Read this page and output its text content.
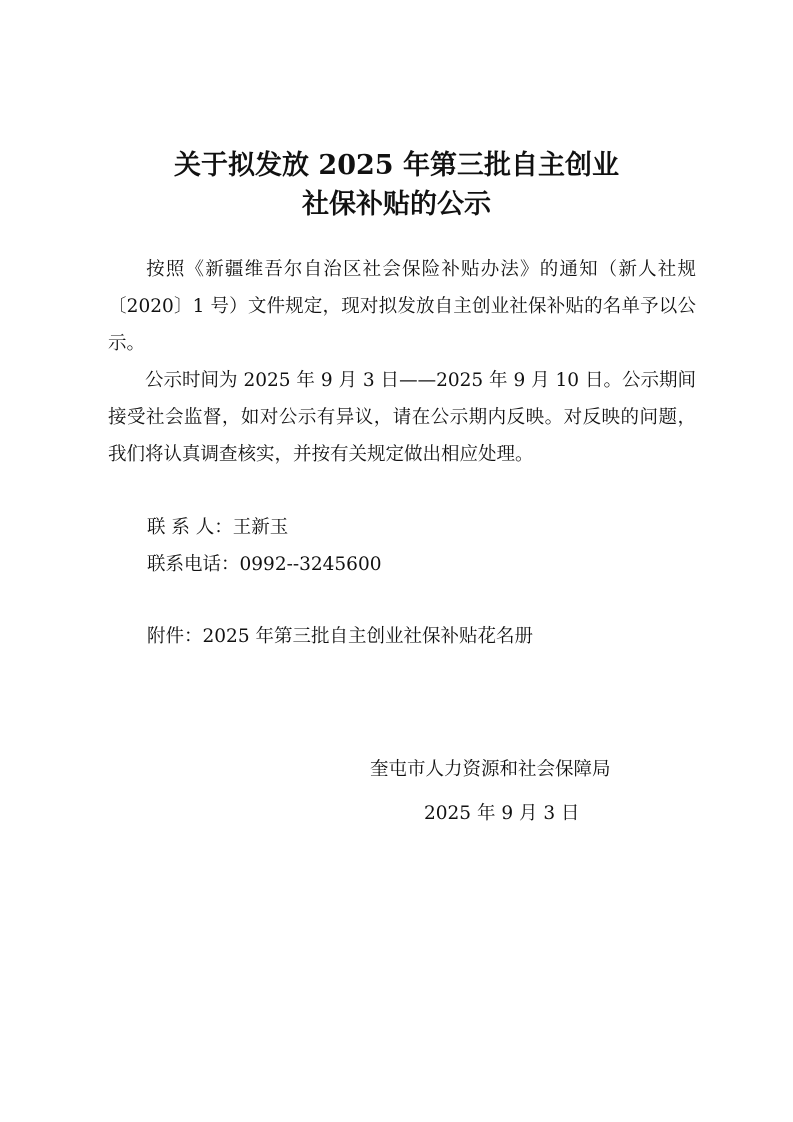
关于拟发放 2025 年第三批自主创业
社保补贴的公示

按照《新疆维吾尔自治区社会保险补贴办法》的通知（新人社规〔2020〕1 号）文件规定，现对拟发放自主创业社保补贴的名单予以公示。

公示时间为 2025 年 9 月 3 日——2025 年 9 月 10 日。公示期间接受社会监督，如对公示有异议，请在公示期内反映。对反映的问题，我们将认真调查核实，并按有关规定做出相应处理。

联 系 人：王新玉

联系电话：0992--3245600

附件：2025 年第三批自主创业社保补贴花名册

奎屯市人力资源和社会保障局

2025 年 9 月 3 日
